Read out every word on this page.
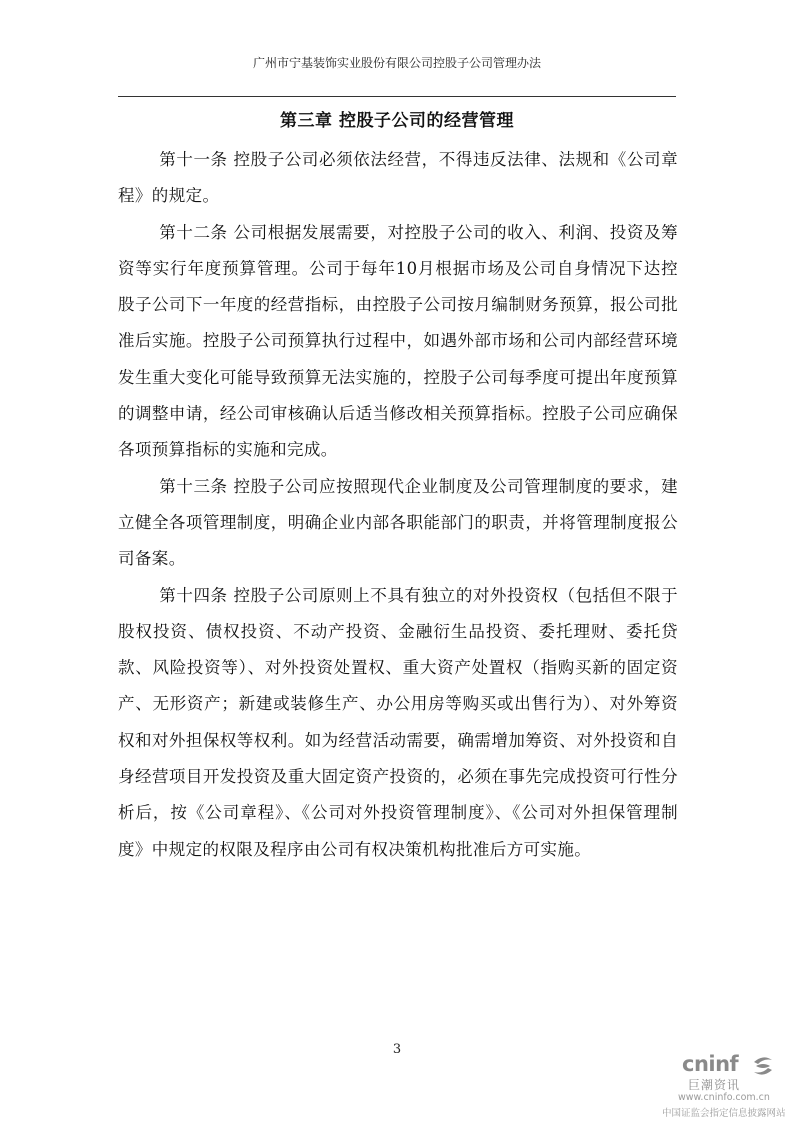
广州市宁基装饰实业股份有限公司控股子公司管理办法
第三章 控股子公司的经营管理

第十一条 控股子公司必须依法经营，不得违反法律、法规和《公司章程》的规定。

第十二条 公司根据发展需要，对控股子公司的收入、利润、投资及筹资等实行年度预算管理。公司于每年10月根据市场及公司自身情况下达控股子公司下一年度的经营指标，由控股子公司按月编制财务预算，报公司批准后实施。控股子公司预算执行过程中，如遇外部市场和公司内部经营环境发生重大变化可能导致预算无法实施的，控股子公司每季度可提出年度预算的调整申请，经公司审核确认后适当修改相关预算指标。控股子公司应确保各项预算指标的实施和完成。

第十三条 控股子公司应按照现代企业制度及公司管理制度的要求，建立健全各项管理制度，明确企业内部各职能部门的职责，并将管理制度报公司备案。

第十四条 控股子公司原则上不具有独立的对外投资权（包括但不限于股权投资、债权投资、不动产投资、金融衍生品投资、委托理财、委托贷款、风险投资等）、对外投资处置权、重大资产处置权（指购买新的固定资产、无形资产；新建或装修生产、办公用房等购买或出售行为）、对外筹资权和对外担保权等权利。如为经营活动需要，确需增加筹资、对外投资和自身经营项目开发投资及重大固定资产投资的，必须在事先完成投资可行性分析后，按《公司章程》、《公司对外投资管理制度》、《公司对外担保管理制度》中规定的权限及程序由公司有权决策机构批准后方可实施。

3
cninf
巨潮资讯
www.cninfo.com.cn
中国证监会指定信息披露网站
